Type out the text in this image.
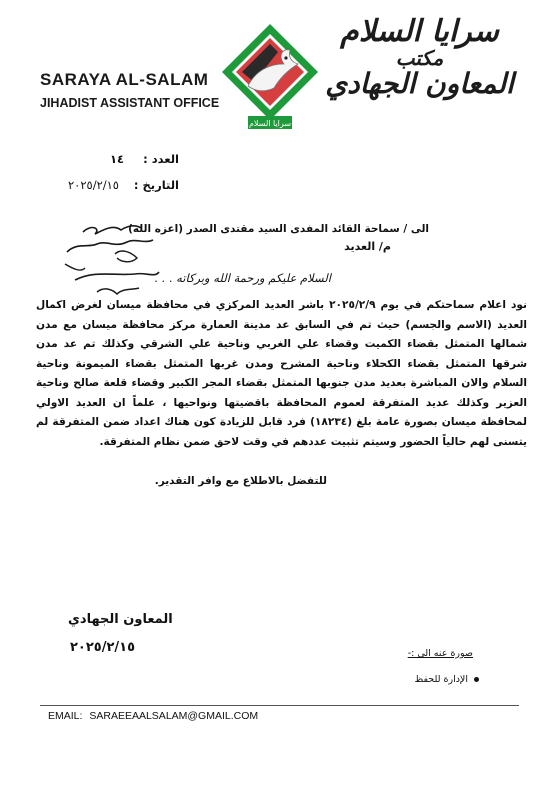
SARAYA AL-SALAM
JIHADIST ASSISTANT OFFICE
سرايا السلام
سرايا السلام
مكتب
المعاون الجهادي
العدد :
١٤
التاريخ :
٢٠٢٥/٢/١٥
الى / سماحة القائد المفدى السيد مقتدى الصدر (اعزه الله)
م/ العديد
السلام عليكم ورحمة الله وبركاته . . .
نود اعلام سماحتكم في يوم ٢٠٢٥/٢/٩ باشر العديد المركزي في محافظة ميسان لغرض اكمال العديد (الاسم والجسم) حيث تم في السابق عد مدينة العمارة مركز محافظة ميسان مع مدن شمالها المتمثل بقضاء الكميت وقضاء علي الغربي وناحية علي الشرقي وكذلك تم عد مدن شرقها المتمثل بقضاء الكحلاء وناحية المشرح ومدن غربها المتمثل بقضاء الميمونة وناحية السلام والان المباشرة بعديد مدن جنوبها المتمثل بقضاء المجر الكبير وقضاء قلعة صالح وناحية العزير وكذلك عديد المتفرقة لعموم المحافظة باقضيتها ونواحيها ، علماً ان العديد الاولي لمحافظة ميسان بصورة عامة بلغ (١٨٢٣٤) فرد قابل للزيادة كون هناك اعداد ضمن المتفرقة لم يتسنى لهم حالياً الحضور وسيتم تثبيت عددهم في وقت لاحق ضمن نظام المتفرقة.
للتفضل بالاطلاع مع وافر التقدير.
المعاون الجهادي
٢٠٢٥/٢/١٥	صورة عنه الى :-
الإدارة للحفظ
EMAIL: SARAEEAALSALAM@GMAIL.COM
